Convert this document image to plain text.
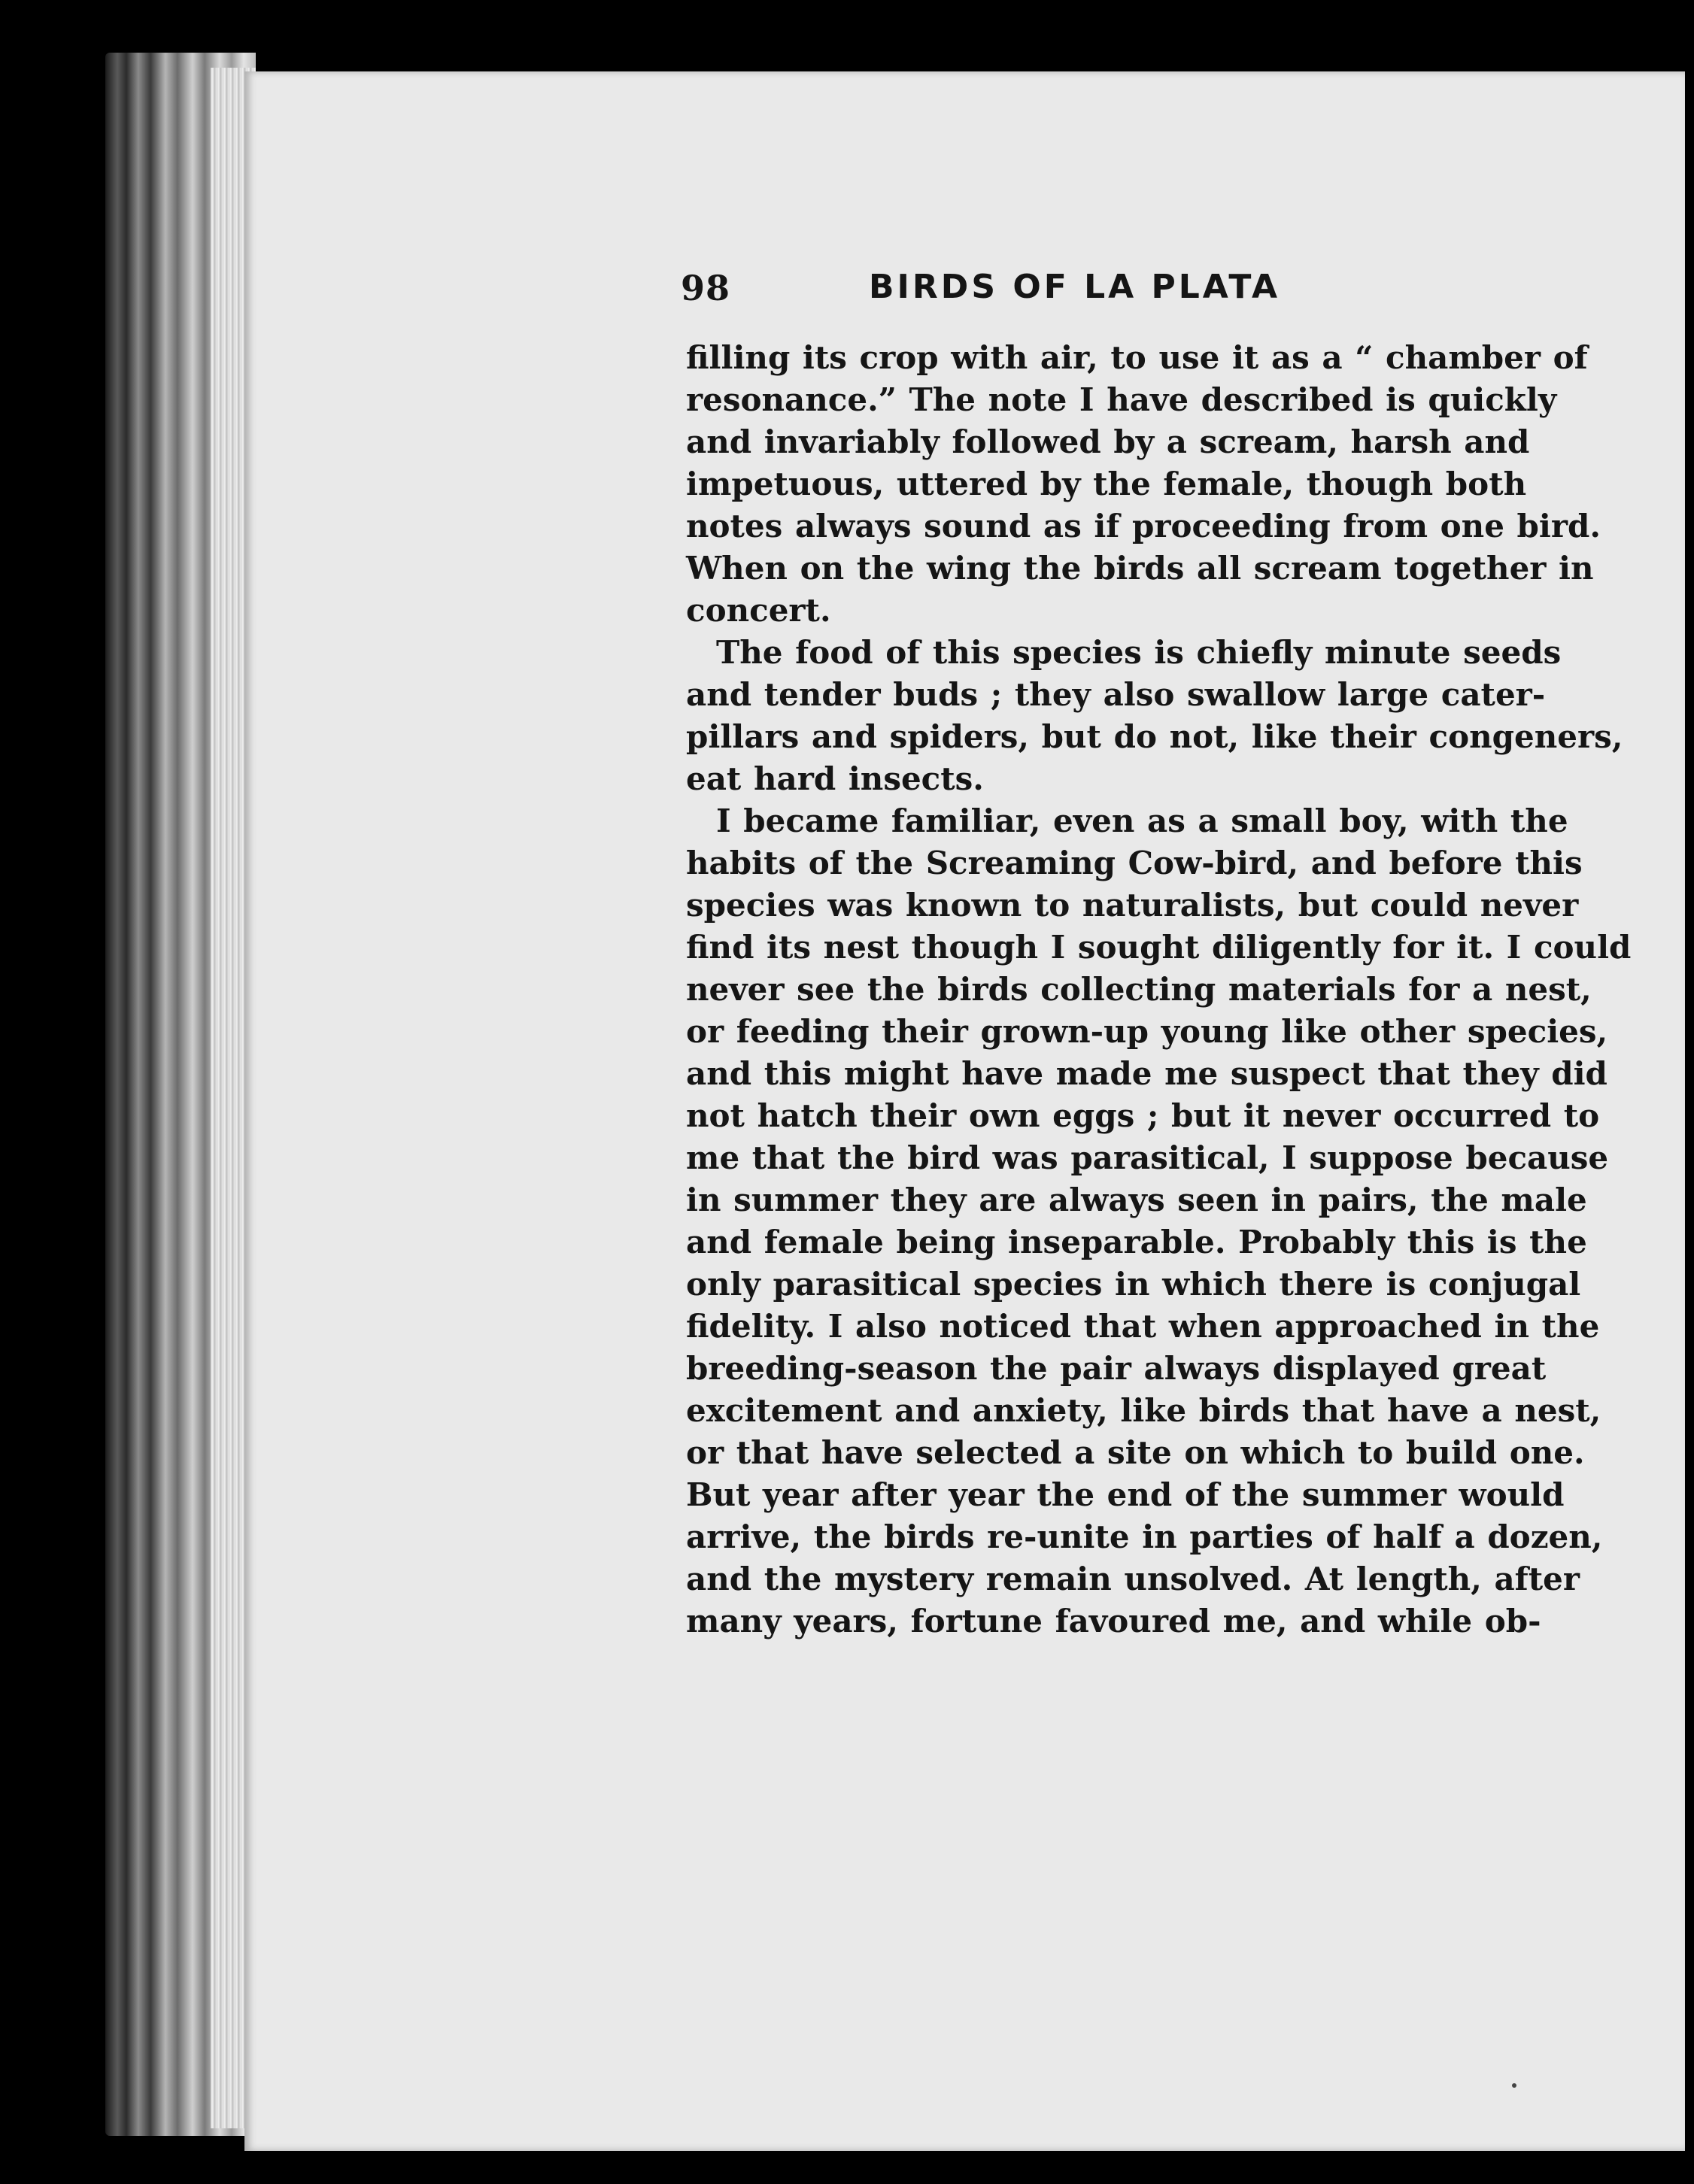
98	BIRDS OF LA PLATA
filling its crop with air, to use it as a “ chamber of
resonance.” The note I have described is quickly
and invariably followed by a scream, harsh and
impetuous, uttered by the female, though both
notes always sound as if proceeding from one bird.
When on the wing the birds all scream together in
concert.
The food of this species is chiefly minute seeds
and tender buds ; they also swallow large cater-
pillars and spiders, but do not, like their congeners,
eat hard insects.
I became familiar, even as a small boy, with the
habits of the Screaming Cow-bird, and before this
species was known to naturalists, but could never
find its nest though I sought diligently for it. I could
never see the birds collecting materials for a nest,
or feeding their grown-up young like other species,
and this might have made me suspect that they did
not hatch their own eggs ; but it never occurred to
me that the bird was parasitical, I suppose because
in summer they are always seen in pairs, the male
and female being inseparable. Probably this is the
only parasitical species in which there is conjugal
fidelity. I also noticed that when approached in the
breeding-season the pair always displayed great
excitement and anxiety, like birds that have a nest,
or that have selected a site on which to build one.
But year after year the end of the summer would
arrive, the birds re-unite in parties of half a dozen,
and the mystery remain unsolved. At length, after
many years, fortune favoured me, and while ob-
